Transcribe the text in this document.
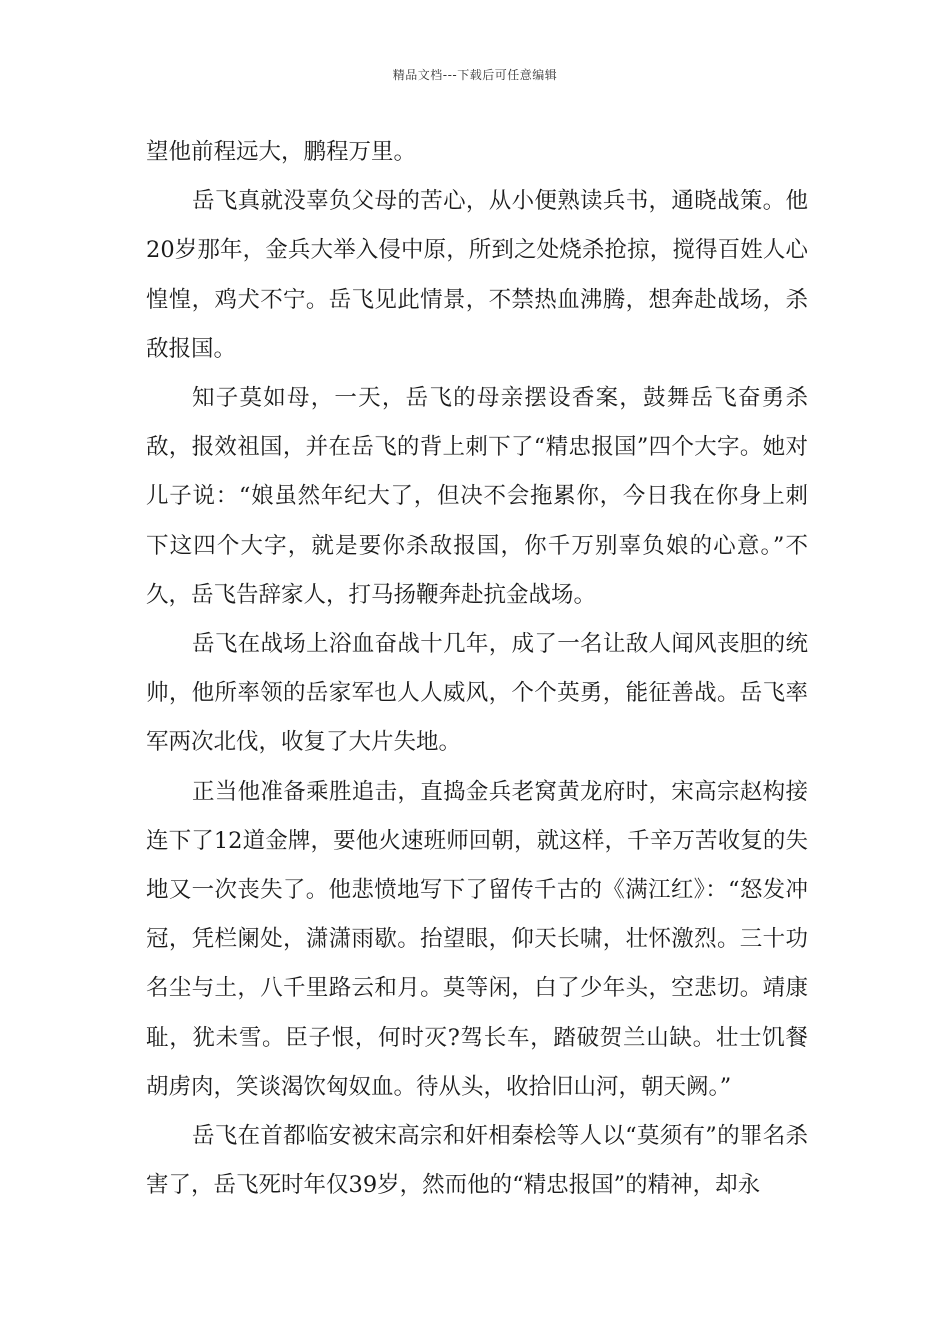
精品文档---下载后可任意编辑

望他前程远大，鹏程万里。

岳飞真就没辜负父母的苦心，从小便熟读兵书，通晓战策。他20岁那年，金兵大举入侵中原，所到之处烧杀抢掠，搅得百姓人心惶惶，鸡犬不宁。岳飞见此情景，不禁热血沸腾，想奔赴战场，杀敌报国。

知子莫如母，一天，岳飞的母亲摆设香案，鼓舞岳飞奋勇杀敌，报效祖国，并在岳飞的背上刺下了“精忠报国”四个大字。她对儿子说：“娘虽然年纪大了，但决不会拖累你，今日我在你身上刺下这四个大字，就是要你杀敌报国，你千万别辜负娘的心意。”不久，岳飞告辞家人，打马扬鞭奔赴抗金战场。

岳飞在战场上浴血奋战十几年，成了一名让敌人闻风丧胆的统帅，他所率领的岳家军也人人威风，个个英勇，能征善战。岳飞率军两次北伐，收复了大片失地。

正当他准备乘胜追击，直捣金兵老窝黄龙府时，宋高宗赵构接连下了12道金牌，要他火速班师回朝，就这样，千辛万苦收复的失地又一次丧失了。他悲愤地写下了留传千古的《满江红》：“怒发冲冠，凭栏阑处，潇潇雨歇。抬望眼，仰天长啸，壮怀激烈。三十功名尘与土，八千里路云和月。莫等闲，白了少年头，空悲切。靖康耻，犹未雪。臣子恨，何时灭?驾长车，踏破贺兰山缺。壮士饥餐胡虏肉，笑谈渴饮匈奴血。待从头，收拾旧山河，朝天阙。”

岳飞在首都临安被宋高宗和奸相秦桧等人以“莫须有”的罪名杀害了，岳飞死时年仅39岁，然而他的“精忠报国”的精神，却永
